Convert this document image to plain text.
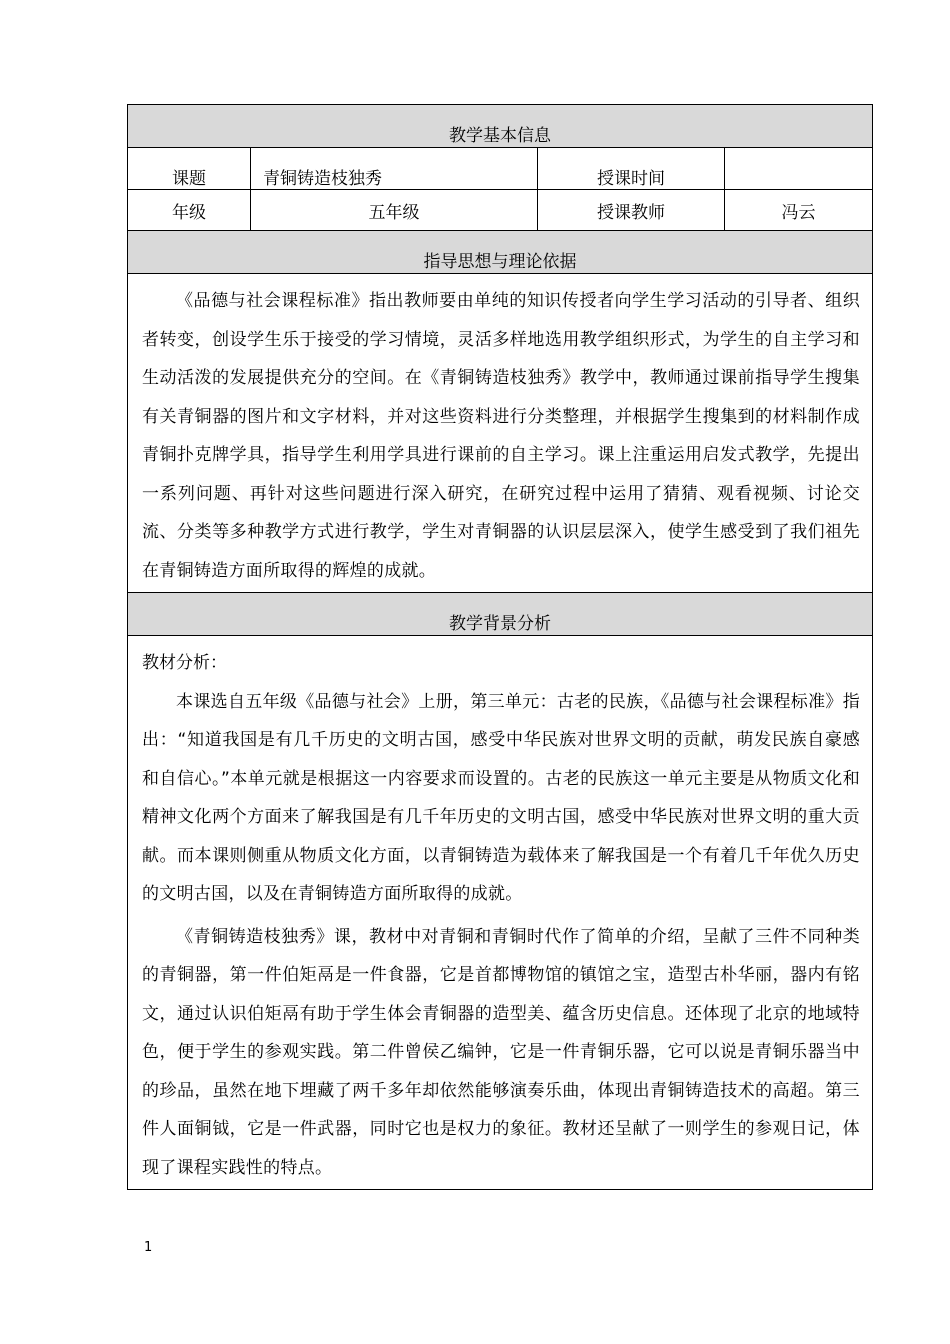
教学基本信息			

课题	青铜铸造枝独秀	授课时间	
年级	五年级	授课教师	冯云

指导思想与理论依据			

《品德与社会课程标准》指出教师要由单纯的知识传授者向学生学习活动的引导者、组织者转变，创设学生乐于接受的学习情境，灵活多样地选用教学组织形式，为学生的自主学习和生动活泼的发展提供充分的空间。在《青铜铸造枝独秀》教学中，教师通过课前指导学生搜集有关青铜器的图片和文字材料，并对这些资料进行分类整理，并根据学生搜集到的材料制作成青铜扑克牌学具，指导学生利用学具进行课前的自主学习。课上注重运用启发式教学，先提出一系列问题、再针对这些问题进行深入研究，在研究过程中运用了猜猜、观看视频、讨论交流、分类等多种教学方式进行教学，学生对青铜器的认识层层深入，使学生感受到了我们祖先在青铜铸造方面所取得的辉煌的成就。			

教学背景分析			

教材分析：

本课选自五年级《品德与社会》上册，第三单元：古老的民族，《品德与社会课程标准》指出：“知道我国是有几千历史的文明古国，感受中华民族对世界文明的贡献，萌发民族自豪感和自信心。”本单元就是根据这一内容要求而设置的。古老的民族这一单元主要是从物质文化和精神文化两个方面来了解我国是有几千年历史的文明古国，感受中华民族对世界文明的重大贡献。而本课则侧重从物质文化方面，以青铜铸造为载体来了解我国是一个有着几千年优久历史的文明古国，以及在青铜铸造方面所取得的成就。

《青铜铸造枝独秀》课，教材中对青铜和青铜时代作了简单的介绍，呈献了三件不同种类的青铜器，第一件伯矩鬲是一件食器，它是首都博物馆的镇馆之宝，造型古朴华丽，器内有铭文，通过认识伯矩鬲有助于学生体会青铜器的造型美、蕴含历史信息。还体现了北京的地域特色，便于学生的参观实践。第二件曾侯乙编钟，它是一件青铜乐器，它可以说是青铜乐器当中的珍品，虽然在地下埋藏了两千多年却依然能够演奏乐曲，体现出青铜铸造技术的高超。第三件人面铜钺，它是一件武器，同时它也是权力的象征。教材还呈献了一则学生的参观日记，体现了课程实践性的特点。			

1
